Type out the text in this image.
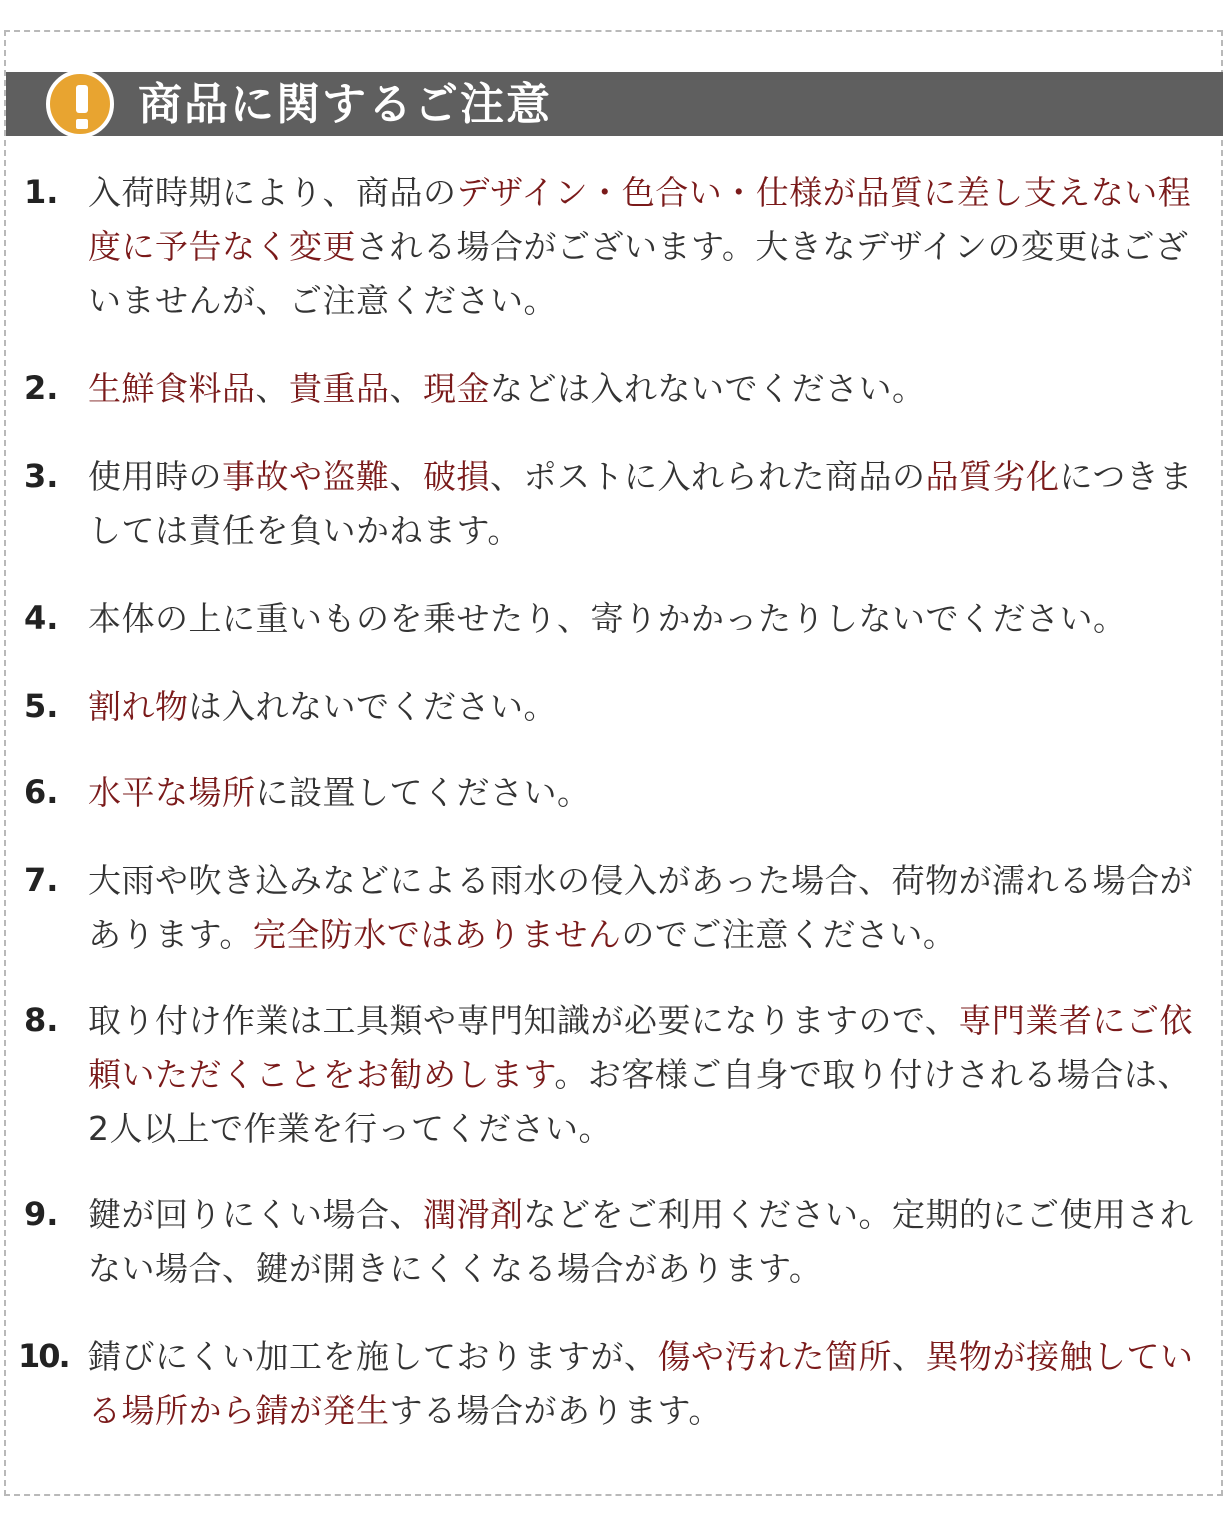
商品に関するご注意
1. 入荷時期により、商品のデザイン・色合い・仕様が品質に差し支えない程度に予告なく変更される場合がございます。大きなデザインの変更はございませんが、ご注意ください。
2. 生鮮食料品、貴重品、現金などは入れないでください。
3. 使用時の事故や盗難、破損、ポストに入れられた商品の品質劣化につきましては責任を負いかねます。
4. 本体の上に重いものを乗せたり、寄りかかったりしないでください。
5. 割れ物は入れないでください。
6. 水平な場所に設置してください。
7. 大雨や吹き込みなどによる雨水の侵入があった場合、荷物が濡れる場合があります。完全防水ではありませんのでご注意ください。
8. 取り付け作業は工具類や専門知識が必要になりますので、専門業者にご依頼いただくことをお勧めします。お客様ご自身で取り付けされる場合は、2人以上で作業を行ってください。
9. 鍵が回りにくい場合、潤滑剤などをご利用ください。定期的にご使用されない場合、鍵が開きにくくなる場合があります。
10. 錆びにくい加工を施しておりますが、傷や汚れた箇所、異物が接触している場所から錆が発生する場合があります。
